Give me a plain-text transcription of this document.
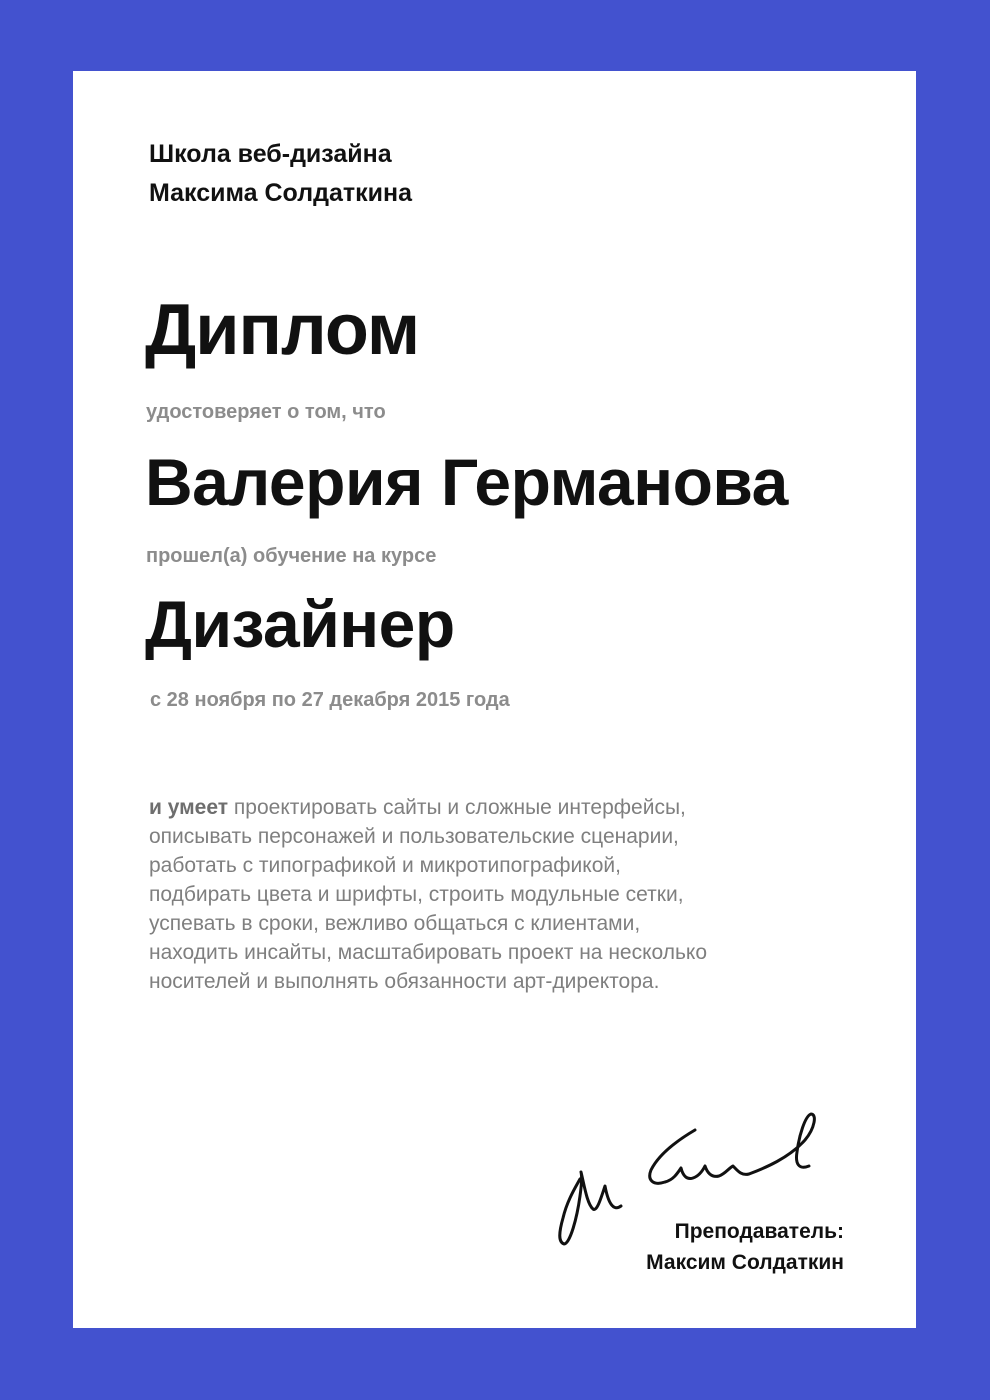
Школа веб-дизайна
Максима Солдаткина
Диплом

удостоверяет о том, что

Валерия Германова

прошел(а) обучение на курсе

Дизайнер

с 28 ноября по 27 декабря 2015 года

и умеет проектировать сайты и сложные интерфейсы,
описывать персонажей и пользовательские сценарии,
работать с типографикой и микротипографикой,
подбирать цвета и шрифты, строить модульные сетки,
успевать в сроки, вежливо общаться с клиентами,
находить инсайты, масштабировать проект на несколько
носителей и выполнять обязанности арт-директора.
Преподаватель:
Максим Солдаткин
